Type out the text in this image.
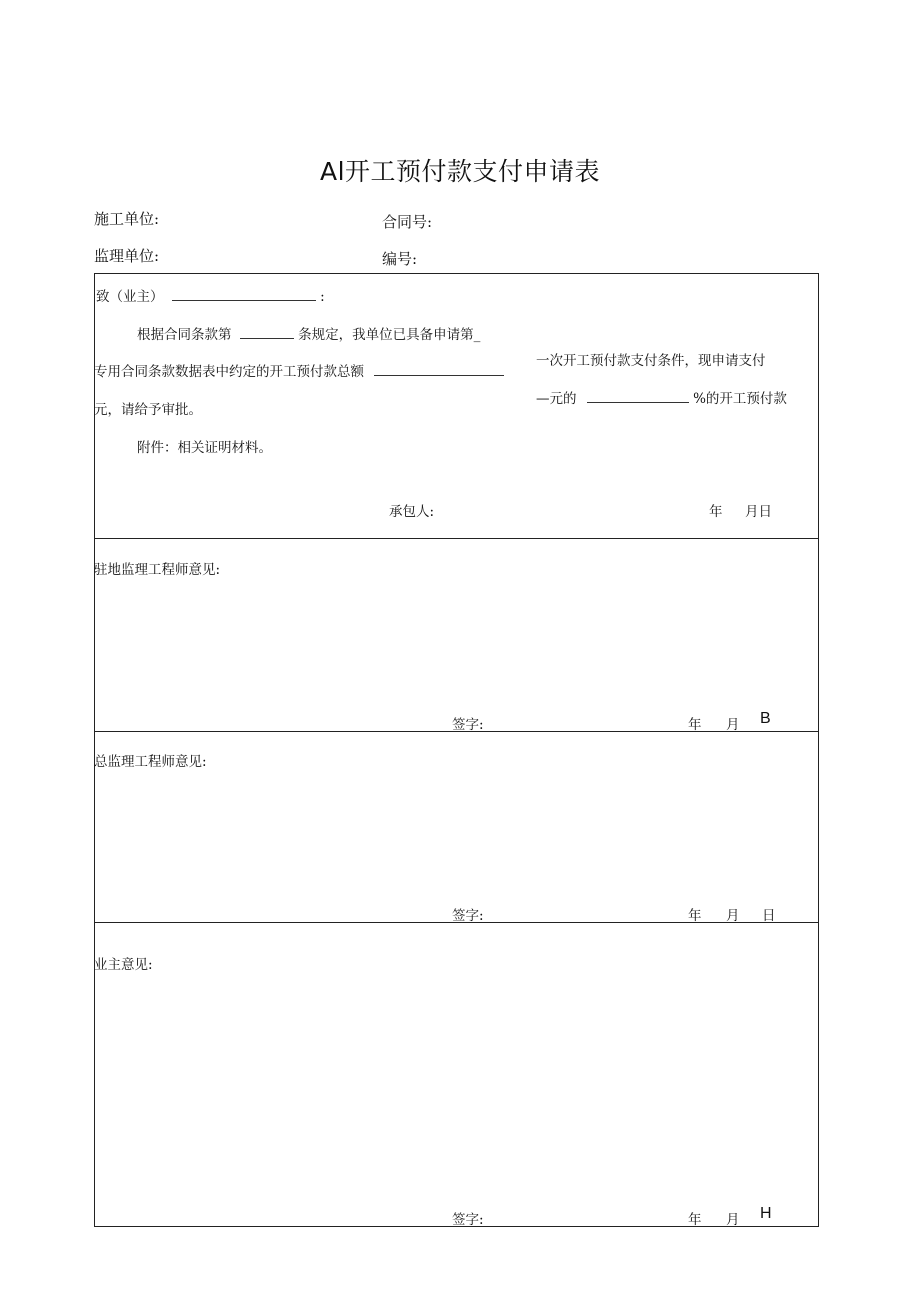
Al开工预付款支付申请表
施工单位:	合同号:
监理单位:	编号:
致（业主）	:
根据合同条款第	条规定，我单位已具备申请第_
一次开工预付款支付条件，现申请支付
专用合同条款数据表中约定的开工预付款总额
—元的	%的开工预付款
元，请给予审批。
附件：相关证明材料。
承包人:	年 月日
驻地监理工程师意见:
签字:	年 月 B
总监理工程师意见:
签字:	年 月 日
业主意见:
签字:	年 月 H
